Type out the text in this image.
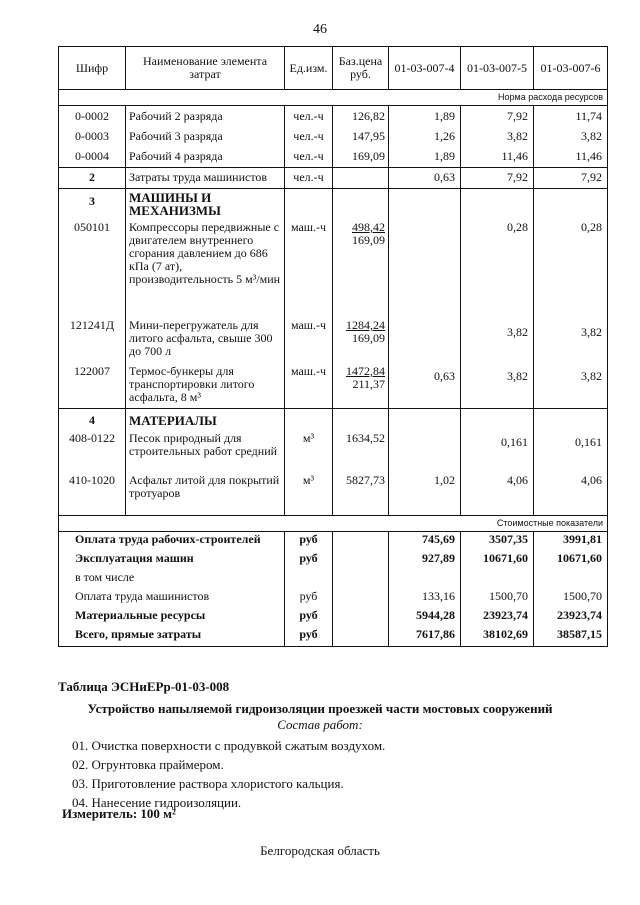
46
Шифр	Наименование элемента затрат	Ед.изм.	Баз.цена руб.	01-03-007-4	01-03-007-5	01-03-007-6
Норма расхода ресурсов						
0-0002	Рабочий 2 разряда	чел.-ч	126,82	1,89	7,92	11,74
0-0003	Рабочий 3 разряда	чел.-ч	147,95	1,26	3,82	3,82
0-0004	Рабочий 4 разряда	чел.-ч	169,09	1,89	11,46	11,46
2	Затраты труда машинистов	чел.-ч		0,63	7,92	7,92
3	МАШИНЫ И МЕХАНИЗМЫ					
050101	Компрессоры передвижные с двигателем внутреннего сгорания давлением до 686 кПа (7 ат), производительность 5 м³/мин	маш.-ч	$\frac{498,42}{169,09}$		0,28	0,28
121241Д	Мини-перегружатель для литого асфальта, свыше 300 до 700 л	маш.-ч	$\frac{1284,24}{169,09}$		3,82	3,82
122007	Термос-бункеры для транспортировки литого асфальта, 8 м³	маш.-ч	$\frac{1472,84}{211,37}$	0,63	3,82	3,82
4	МАТЕРИАЛЫ					
408-0122	Песок природный для строительных работ средний	м³	1634,52		0,161	0,161
410-1020	Асфальт литой для покрытий тротуаров	м³	5827,73	1,02	4,06	4,06
Стоимостные показатели						
Оплата труда рабочих-строителей		руб		745,69	3507,35	3991,81
Эксплуатация машин		руб		927,89	10671,60	10671,60
в том числе						
Оплата труда машинистов		руб		133,16	1500,70	1500,70
Материальные ресурсы		руб		5944,28	23923,74	23923,74
Всего, прямые затраты		руб		7617,86	38102,69	38587,15
Таблица ЭСНиЕРр-01-03-008
Устройство напыляемой гидроизоляции проезжей части мостовых сооружений
Состав работ:
01. Очистка поверхности с продувкой сжатым воздухом.
02. Огрунтовка праймером.
03. Приготовление раствора хлористого кальция.
04. Нанесение гидроизоляции.
Измеритель: 100 м²
Белгородская область
